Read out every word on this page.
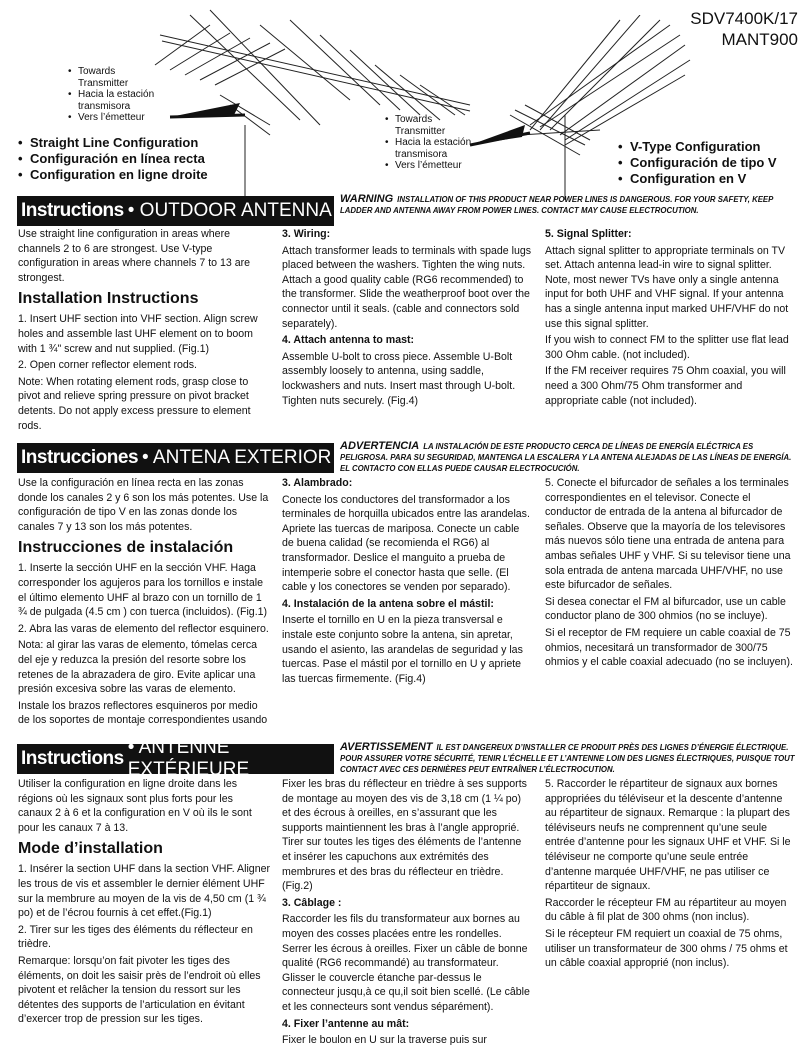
SDV7400K/17
MANT900
• Towards Transmitter
• Hacia la estación transmisora
• Vers l’émetteur
•	Towards Transmitter
• Hacia la estación transmisora
• Vers l’émetteur
• Straight Line Configuration
• Configuración en línea recta
• Configuration en ligne droite
• V-Type Configuration
• Configuración de tipo V
• Configuration en V
Instructions • OUTDOOR ANTENNA
WARNING INSTALLATION OF THIS PRODUCT NEAR POWER LINES IS DANGEROUS. FOR YOUR SAFETY, KEEP LADDER AND ANTENNA AWAY FROM POWER LINES. CONTACT MAY CAUSE ELECTROCUTION.

Use straight line configuration in areas where channels 2 to 6 are strongest. Use V-type configuration in areas where channels 7 to 13 are strongest.

Installation Instructions

1. Insert UHF section into VHF section. Align screw holes and assemble last UHF element on to boom with 1 ¾" screw and nut supplied. (Fig.1)

2. Open corner reflector element rods.

Note: When rotating element rods, grasp close to pivot and relieve spring pressure on pivot bracket detents. Do not apply excess pressure to element rods.

3. Wiring:

Attach transformer leads to terminals with spade lugs placed between the washers. Tighten the wing nuts. Attach a good quality cable (RG6 recommended) to the transformer. Slide the weatherproof boot over the connector until it seals. (cable and connectors sold separately).

4. Attach antenna to mast:

Assemble U-bolt to cross piece. Assemble U-Bolt assembly loosely to antenna, using saddle, lockwashers and nuts. Insert mast through U-bolt. Tighten nuts securely. (Fig.4)

5. Signal Splitter:

Attach signal splitter to appropriate terminals on TV set. Attach antenna lead-in wire to signal splitter. Note, most newer TVs have only a single antenna input for both UHF and VHF signal. If your antenna has a single antenna input marked UHF/VHF do not use this signal splitter.

If you wish to connect FM to the splitter use flat lead 300 Ohm cable. (not included).

If the FM receiver requires 75 Ohm coaxial, you will need a 300 Ohm/75 Ohm transformer and appropriate cable (not included).

Instrucciones • ANTENA EXTERIOR
ADVERTENCIA LA INSTALACIÓN DE ESTE PRODUCTO CERCA DE LÍNEAS DE ENERGÍA ELÉCTRICA ES PELIGROSA. PARA SU SEGURIDAD, MANTENGA LA ESCALERA Y LA ANTENA ALEJADAS DE LAS LÍNEAS DE ENERGÍA. EL CONTACTO CON ELLAS PUEDE CAUSAR ELECTROCUCIÓN.

Use la configuración en línea recta en las zonas donde los canales 2 y 6 son los más potentes. Use la configuración de tipo V en las zonas donde los canales 7 y 13 son los más potentes.

Instrucciones de instalación

1. Inserte la sección UHF en la sección VHF. Haga corresponder los agujeros para los tornillos e instale el último elemento UHF al brazo con un tornillo de 1 ¾ de pulgada (4.5 cm ) con tuerca (incluidos). (Fig.1)

2. Abra las varas de elemento del reflector esquinero.

Nota: al girar las varas de elemento, tómelas cerca del eje y reduzca la presión del resorte sobre los retenes de la abrazadera de giro. Evite aplicar una presión excesiva sobre las varas de elemento.

Instale los brazos reflectores esquineros por medio de los soportes de montaje correspondientes usando

3. Alambrado:

Conecte los conductores del transformador a los terminales de horquilla ubicados entre las arandelas. Apriete las tuercas de mariposa. Conecte un cable de buena calidad (se recomienda el RG6) al transformador. Deslice el manguito a prueba de intemperie sobre el conector hasta que selle. (El cable y los conectores se venden por separado).

4. Instalación de la antena sobre el mástil:

Inserte el tornillo en U en la pieza transversal e instale este conjunto sobre la antena, sin apretar, usando el asiento, las arandelas de seguridad y las tuercas. Pase el mástil por el tornillo en U y apriete las tuercas firmemente. (Fig.4)

5. Conecte el bifurcador de señales a los terminales correspondientes en el televisor. Conecte el conductor de entrada de la antena al bifurcador de señales. Observe que la mayoría de los televisores más nuevos sólo tiene una entrada de antena para ambas señales UHF y VHF. Si su televisor tiene una sola entrada de antena marcada UHF/VHF, no use este bifurcador de señales.

Si desea conectar el FM al bifurcador, use un cable conductor plano de 300 ohmios (no se incluye).

Si el receptor de FM requiere un cable coaxial de 75 ohmios, necesitará un transformador de 300/75 ohmios y el cable coaxial adecuado (no se incluyen).

Instructions
• ANTENNE EXTÉRIEURE
AVERTISSEMENT IL EST DANGEREUX D’INSTALLER CE PRODUIT PRÈS DES LIGNES D’ÉNERGIE ÉLECTRIQUE. POUR ASSURER VOTRE SÉCURITÉ, TENIR L’ÉCHELLE ET L’ANTENNE LOIN DES LIGNES ÉLECTRIQUES, PUISQUE TOUT CONTACT AVEC CES DERNIÈRES PEUT ENTRAÎNER L’ÉLECTROCUTION.

Utiliser la configuration en ligne droite dans les régions où les signaux sont plus forts pour les canaux 2 à 6 et la configuration en V où ils le sont pour les canaux 7 à 13.

Mode d’installation

1. Insérer la section UHF dans la section VHF. Aligner les trous de vis et assembler le dernier élément UHF sur la membrure au moyen de la vis de 4,50 cm (1 ¾ po) et de l’écrou fournis à cet effet.(Fig.1)

2. Tirer sur les tiges des éléments du réflecteur en trièdre.

Remarque: lorsqu’on fait pivoter les tiges des éléments, on doit les saisir près de l’endroit où elles pivotent et relâcher la tension du ressort sur les détentes des supports de l’articulation en évitant d’exercer trop de pression sur les tiges.

Fixer les bras du réflecteur en trièdre à ses supports de montage au moyen des vis de 3,18 cm (1 ¼ po) et des écrous à oreilles, en s’assurant que les supports maintiennent les bras à l’angle approprié. Tirer sur toutes les tiges des éléments de l’antenne et insérer les capuchons aux extrémités des membrures et des bras du réflecteur en trièdre. (Fig.2)

3. Câblage :

Raccorder les fils du transformateur aux bornes au moyen des cosses placées entre les rondelles. Serrer les écrous à oreilles. Fixer un câble de bonne qualité (RG6 recommandé) au transformateur. Glisser le couvercle étanche par-dessus le connecteur jusqu,à ce qu,il soit bien scellé. (Le câble et les connecteurs sont vendus séparément).

4. Fixer l’antenne au mât:

Fixer le boulon en U sur la traverse puis sur

5. Raccorder le répartiteur de signaux aux bornes appropriées du téléviseur et la descente d’antenne au répartiteur de signaux. Remarque : la plupart des téléviseurs neufs ne comprennent qu’une seule entrée d’antenne pour les signaux UHF et VHF. Si le téléviseur ne comporte qu’une seule entrée d’antenne marquée UHF/VHF, ne pas utiliser ce répartiteur de signaux.

Raccorder le récepteur FM au répartiteur au moyen du câble à fil plat de 300 ohms (non inclus).

Si le récepteur FM requiert un coaxial de 75 ohms, utiliser un transformateur de 300 ohms / 75 ohms et un câble coaxial approprié (non inclus).
